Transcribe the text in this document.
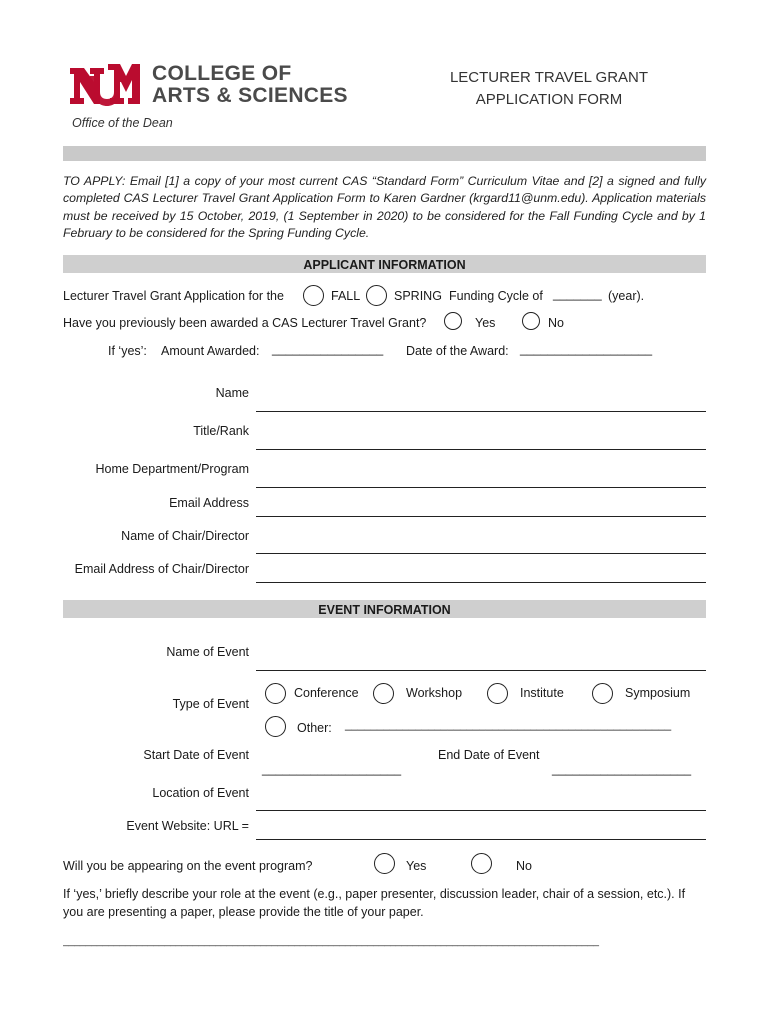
COLLEGE OF
ARTS & SCIENCES
Office of the Dean
LECTURER TRAVEL GRANT
APPLICATION FORM
TO APPLY: Email [1] a copy of your most current CAS “Standard Form” Curriculum Vitae and [2] a signed and fully completed CAS Lecturer Travel Grant Application Form to Karen Gardner (krgard11@unm.edu). Application materials must be received by 15 October, 2019, (1 September in 2020) to be considered for the Fall Funding Cycle and by 1 February to be considered for the Spring Funding Cycle.
APPLICANT INFORMATION
Lecturer Travel Grant Application for the	FALL	SPRING Funding Cycle of _______ (year).
Have you previously been awarded a CAS Lecturer Travel Grant?	Yes	No
If ‘yes’: Amount Awarded: ________________ Date of the Award: ___________________
Name
Title/Rank
Home Department/Program
Email Address
Name of Chair/Director
Email Address of Chair/Director
EVENT INFORMATION
Name of Event
Type of Event
Conference	Workshop	Institute	Symposium
Other: ___________________________________________________
Start Date of Event
____________________
End Date of Event
____________________
Location of Event
Event Website: URL =
Will you be appearing on the event program?	Yes	No
If ‘yes,’ briefly describe your role at the event (e.g., paper presenter, discussion leader, chair of a session, etc.). If you are presenting a paper, please provide the title of your paper.
_______________________________________________________________________________________________
